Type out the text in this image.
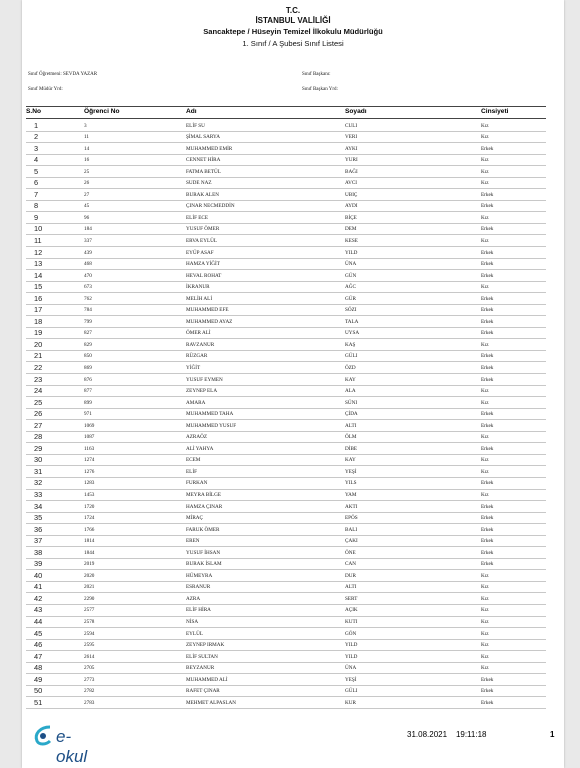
T.C.
İSTANBUL VALİLİĞİ
Sancaktepe / Hüseyin Temizel İlkokulu Müdürlüğü
1. Sınıf / A Şubesi Sınıf Listesi
Sınıf Öğretmeni: SEVDA YAZAR	Sınıf Başkanı:
Sınıf Müdür Yrd:	Sınıf Başkan Yrd:
S.No	Öğrenci No	Adı	Soyadı	Cinsiyeti
1	3	ELİF SU	CULI	Kız
2	11	ŞİMAL SARYA	VERI	Kız
3	14	MUHAMMED EMİR	AYKI	Erkek
4	16	CENNET HİRA	YURI	Kız
5	25	FATMA BETÜL	BAĞI	Kız
6	26	SUDE NAZ	AVCI	Kız
7	27	BURAK ALEN	UBIÇ	Erkek
8	45	ÇINAR NECMEDDİN	AYDI	Erkek
9	96	ELİF ECE	BİÇE	Kız
10	184	YUSUF ÖMER	DEM	Erkek
11	337	ERVA EYLÜL	KESE	Kız
12	439	EYÜP ASAF	YILD	Erkek
13	468	HAMZA YİĞİT	ÜNA	Erkek
14	470	HEVAL ROHAT	GÜN	Erkek
15	673	İKRANUR	AĞC	Kız
16	762	MELİH ALİ	GÜR	Erkek
17	784	MUHAMMED EFE	SÖZI	Erkek
18	799	MUHAMMED AYAZ	TALA	Erkek
19	827	ÖMER ALİ	UYSA	Erkek
20	829	RAVZANUR	KAŞ	Kız
21	850	RÜZGAR	GÜLI	Erkek
22	869	YİĞİT	ÖZD	Erkek
23	876	YUSUF EYMEN	KAY	Erkek
24	877	ZEYNEP ELA	ALA	Kız
25	899	AMARA	SÜNI	Kız
26	971	MUHAMMED TAHA	ÇİDA	Erkek
27	1069	MUHAMMED YUSUF	ALTI	Erkek
28	1087	AZRAÖZ	ÖLM	Kız
29	1163	ALİ YAHYA	DİBE	Erkek
30	1274	ECEM	KAY	Kız
31	1276	ELİF	YEŞİ	Kız
32	1283	FURKAN	YILS	Erkek
33	1453	MEYRA BİLGE	YAM	Kız
34	1720	HAMZA ÇINAR	AKTI	Erkek
35	1724	MİRAÇ	EPÖS	Erkek
36	1766	FARUK ÖMER	BALI	Erkek
37	1814	EREN	ÇAKI	Erkek
38	1844	YUSUF İHSAN	ÖNE	Erkek
39	2019	BURAK İSLAM	CAN	Erkek
40	2020	HÜMEYRA	DUR	Kız
41	2021	ESRANUR	ALTI	Kız
42	2290	AZRA	SERT	Kız
43	2577	ELİF HİRA	AÇIK	Kız
44	2578	NİSA	KUTI	Kız
45	2594	EYLÜL	GÖN	Kız
46	2595	ZEYNEP IRMAK	YILD	Kız
47	2614	ELİF SULTAN	YILD	Kız
48	2705	BEYZANUR	ÜNA	Kız
49	2773	MUHAMMED ALİ	YEŞİ	Erkek
50	2782	RAFET ÇINAR	GÜLI	Erkek
51	2783	MEHMET ALPASLAN	KUR	Erkek
e-okul
31.08.2021 19:11:18	1
